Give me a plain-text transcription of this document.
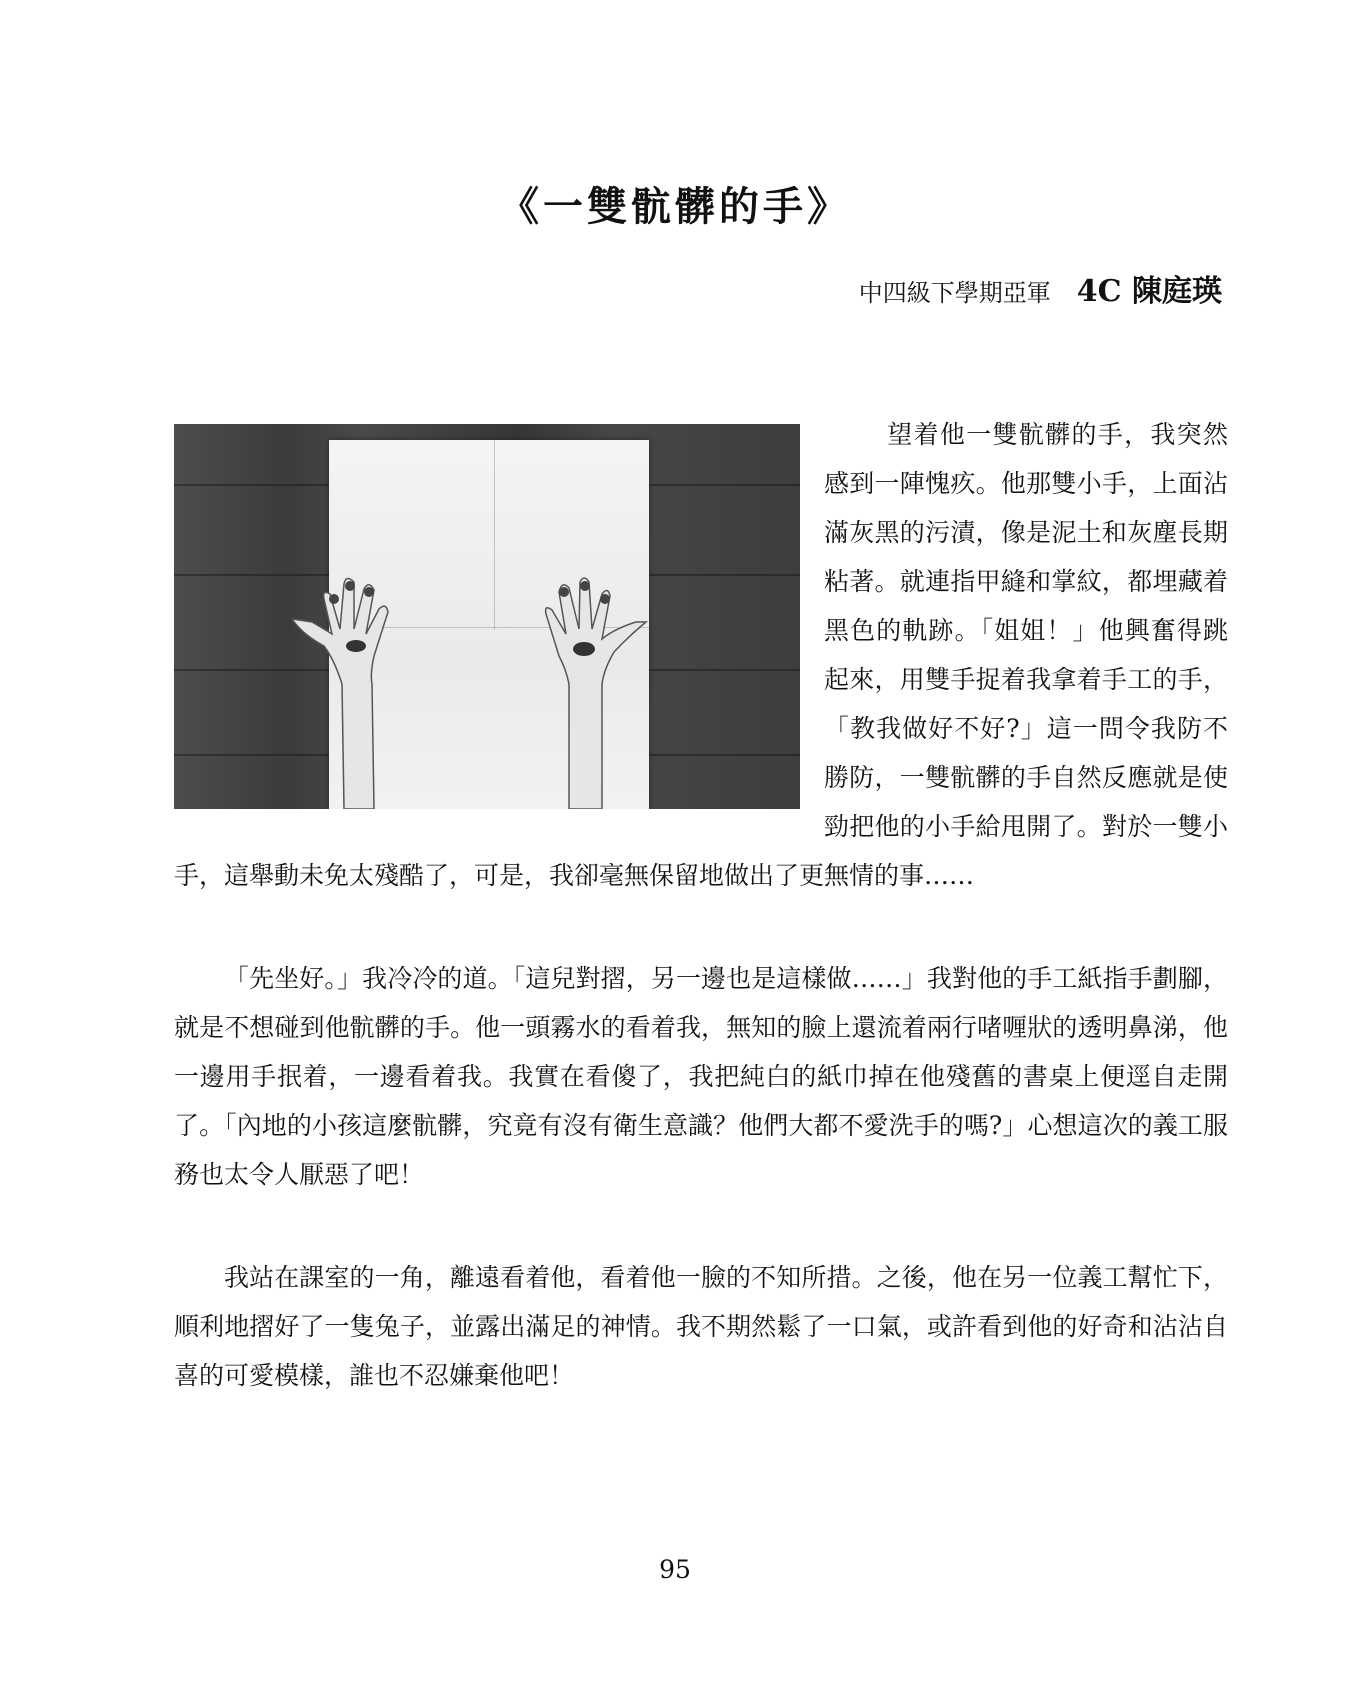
《一雙骯髒的手》
中四級下學期亞軍 4C 陳庭瑛

望着他一雙骯髒的手，我突然感到一陣愧疚。他那雙小手，上面沾滿灰黑的污漬，像是泥土和灰塵長期粘著。就連指甲縫和掌紋，都埋藏着黑色的軌跡。「姐姐！」他興奮得跳起來，用雙手捉着我拿着手工的手，「教我做好不好?」這一問令我防不勝防，一雙骯髒的手自然反應就是使勁把他的小手給甩開了。對於一雙小手，這舉動未免太殘酷了，可是，我卻毫無保留地做出了更無情的事……

「先坐好。」我冷冷的道。「這兒對摺，另一邊也是這樣做……」我對他的手工紙指手劃腳，就是不想碰到他骯髒的手。他一頭霧水的看着我，無知的臉上還流着兩行啫喱狀的透明鼻涕，他一邊用手抿着，一邊看着我。我實在看傻了，我把純白的紙巾掉在他殘舊的書桌上便逕自走開了。「內地的小孩這麼骯髒，究竟有沒有衛生意識？他們大都不愛洗手的嗎?」心想這次的義工服務也太令人厭惡了吧！

我站在課室的一角，離遠看着他，看着他一臉的不知所措。之後，他在另一位義工幫忙下，順利地摺好了一隻兔子，並露出滿足的神情。我不期然鬆了一口氣，或許看到他的好奇和沾沾自喜的可愛模樣，誰也不忍嫌棄他吧！

95
